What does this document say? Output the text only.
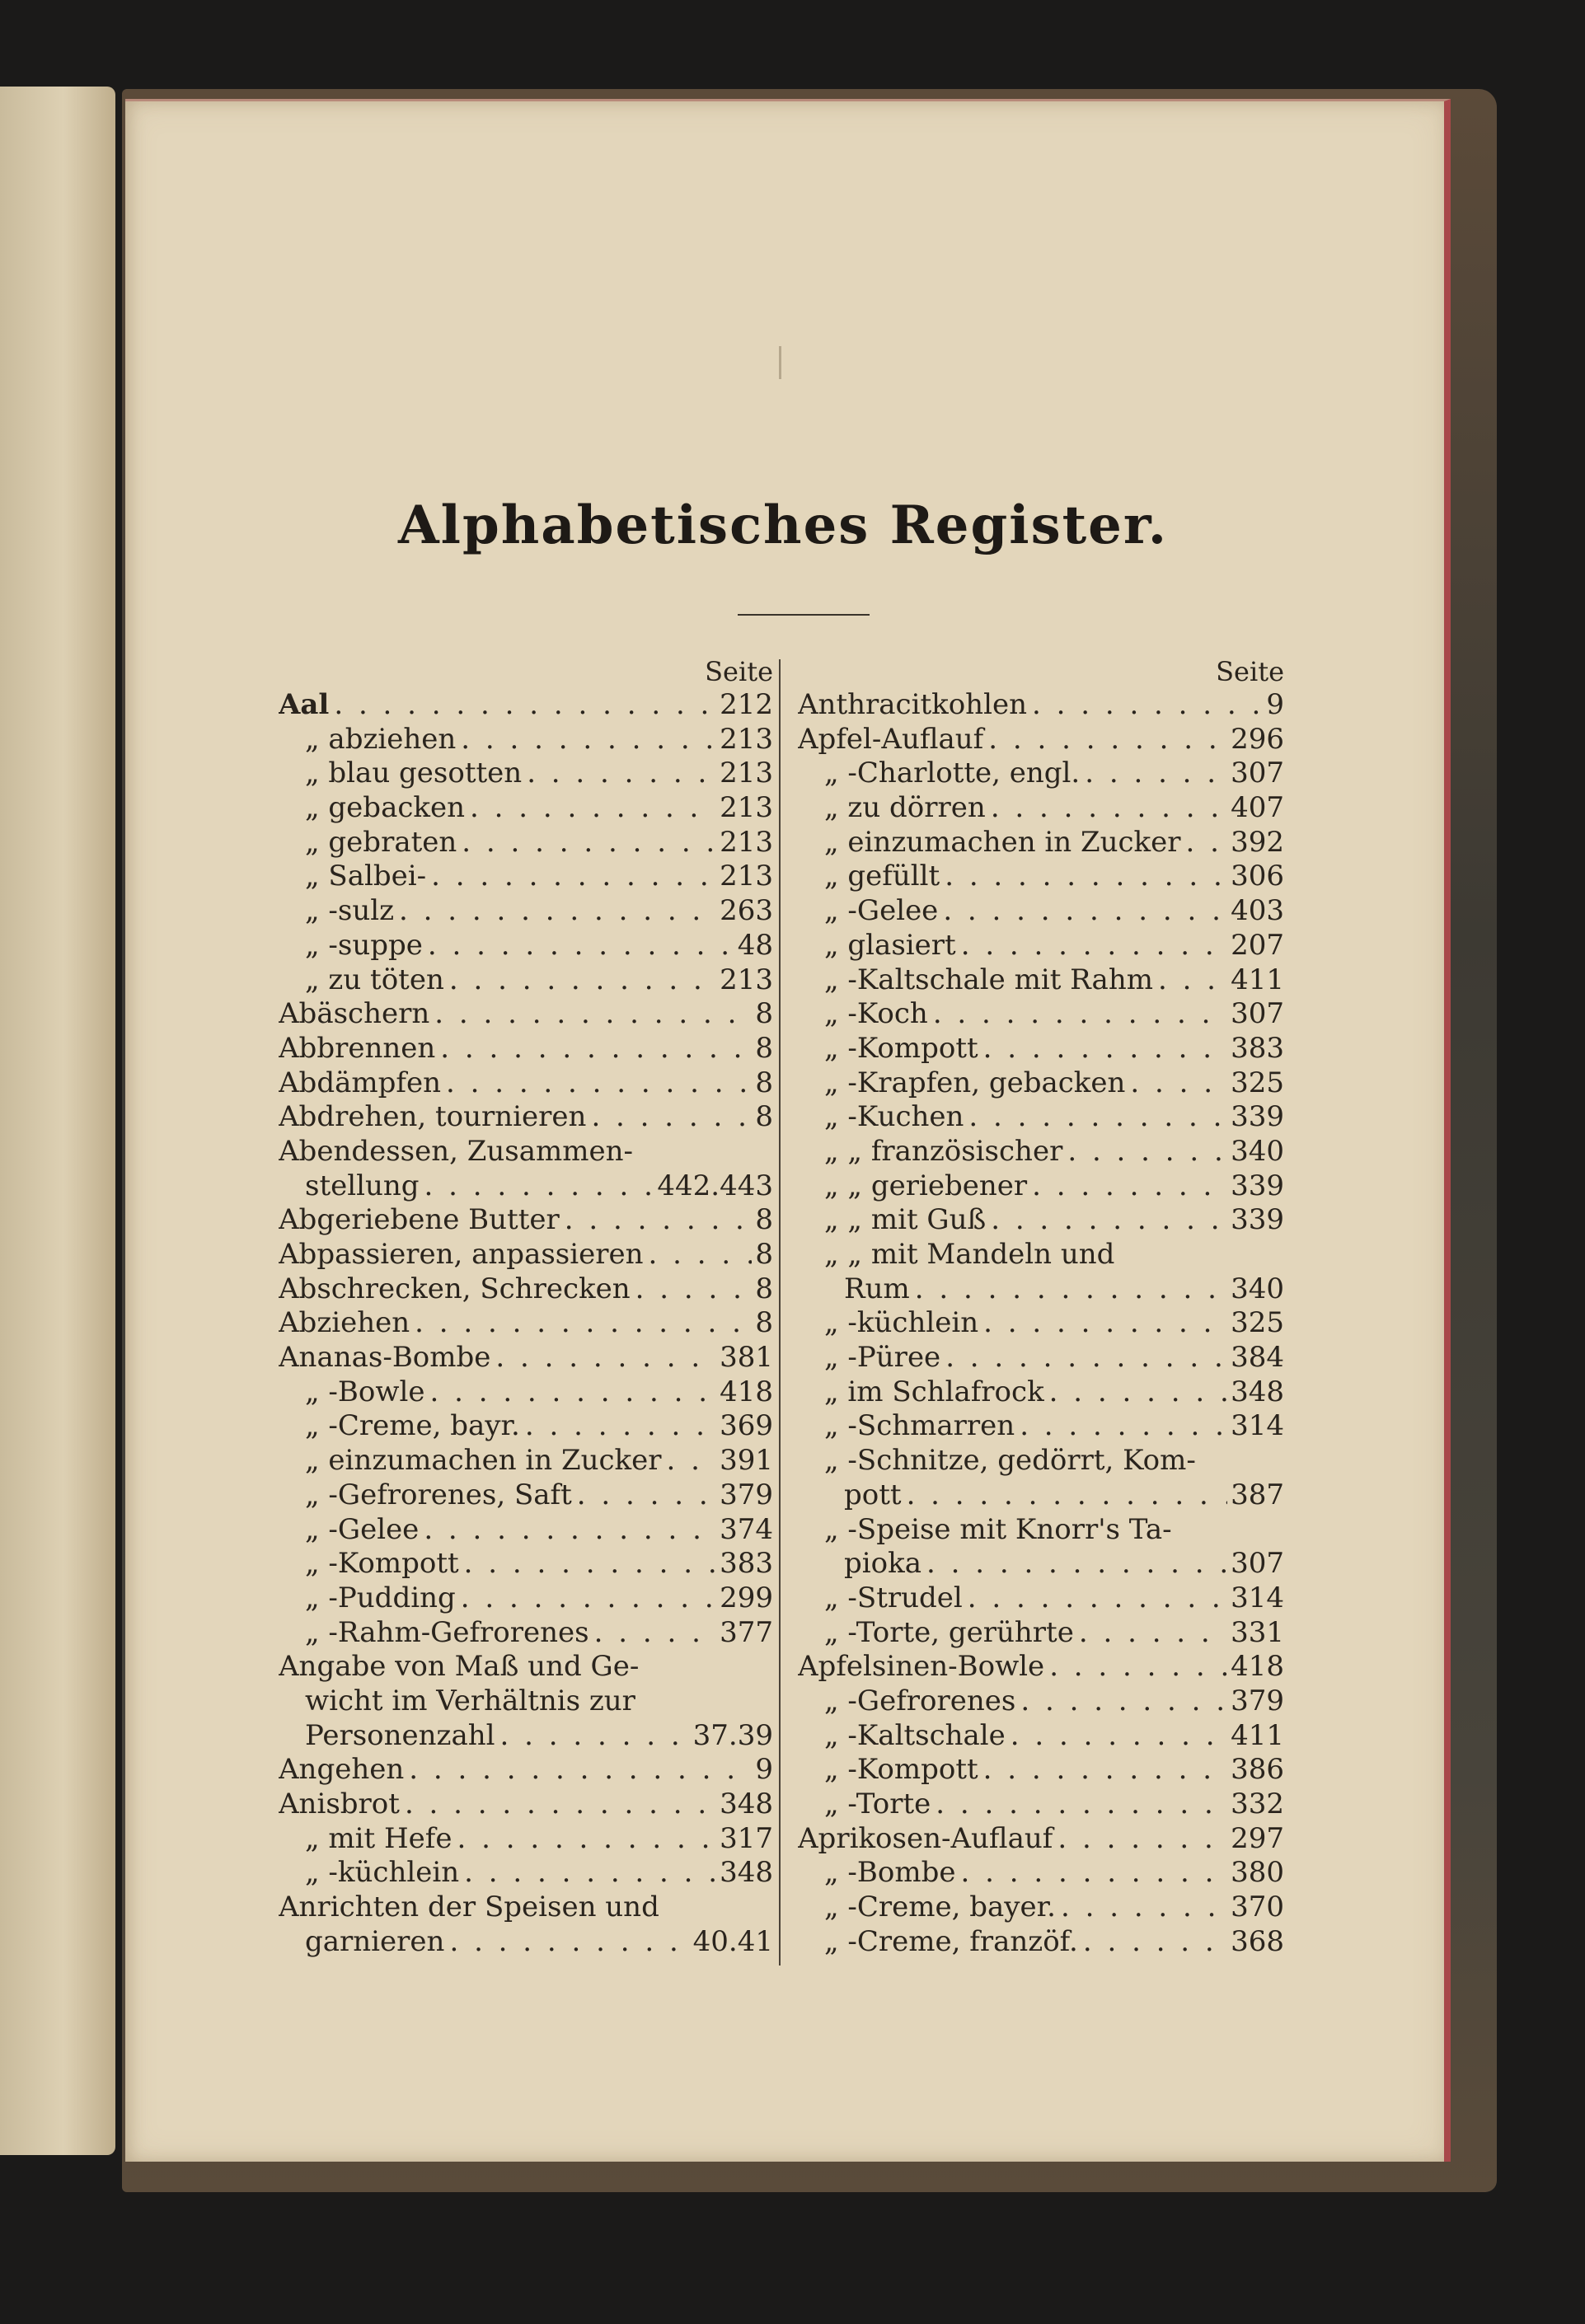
Alphabetisches Register.
Seite
Aal . . .	212
„ abziehen . . .	213
„ blau gesotten . . .	213
„ gebacken . . .	213
„ gebraten . . .	213
„ Salbei- . . .	213
„ -sulz . . .	263
„ -suppe . . .	48
„ zu töten . . .	213
Abäschern . . .	8
Abbrennen . . .	8
Abdämpfen . . .	8
Abdrehen, tournieren . . .	8
Abendessen, Zusammen-
stellung . . .	442.443
Abgeriebene Butter . . .	8
Abpassieren, anpassieren . . .	8
Abschrecken, Schrecken . . .	8
Abziehen . . .	8
Ananas-Bombe . . .	381
„ -Bowle . . .	418
„ -Creme, bayr. . . .	369
„ einzumachen in Zucker . . . 391
„ -Gefrorenes, Saft . . .	379
„ -Gelee . . .	374
„ -Kompott . . .	383
„ -Pudding . . .	299
„ -Rahm-Gefrorenes . . .	377
Angabe von Maß und Ge-
wicht im Verhältnis zur
Personenzahl . . .	37.39
Angehen . . .	9
Anisbrot . . .	348
„ mit Hefe . . .	317
„ -küchlein . . .	348
Anrichten der Speisen und
garnieren . . .	40.41
Seite
Anthracitkohlen . . .	9
Apfel-Auflauf . . .	296
„ -Charlotte, engl. . . .	307
„ zu dörren . . .	407
„ einzumachen in Zucker . . . 392
„ gefüllt . . .	306
„ -Gelee . . .	403
„ glasiert . . .	207
„ -Kaltschale mit Rahm . . .	411
„ -Koch . . .	307
„ -Kompott . . .	383
„ -Krapfen, gebacken . . .	325
„ -Kuchen . . .	339
„ „ französischer . . .	340
„ „ geriebener . . .	339
„ „ mit Guß . . .	339
„ „ mit Mandeln und
Rum . . .	340
„ -küchlein . . .	325
„ -Püree . . .	384
„ im Schlafrock . . .	348
„ -Schmarren . . .	314
„ -Schnitze, gedörrt, Kom-
pott . . .	387
„ -Speise mit Knorr's Ta-
pioka . . .	307
„ -Strudel . . .	314
„ -Torte, gerührte . . .	331
Apfelsinen-Bowle . . .	418
„ -Gefrorenes . . .	379
„ -Kaltschale . . .	411
„ -Kompott . . .	386
„ -Torte . . .	332
Aprikosen-Auflauf . . .	297
„ -Bombe . . .	380
„ -Creme, bayer. . . .	370
„ -Creme, franzöf. . . .	368
